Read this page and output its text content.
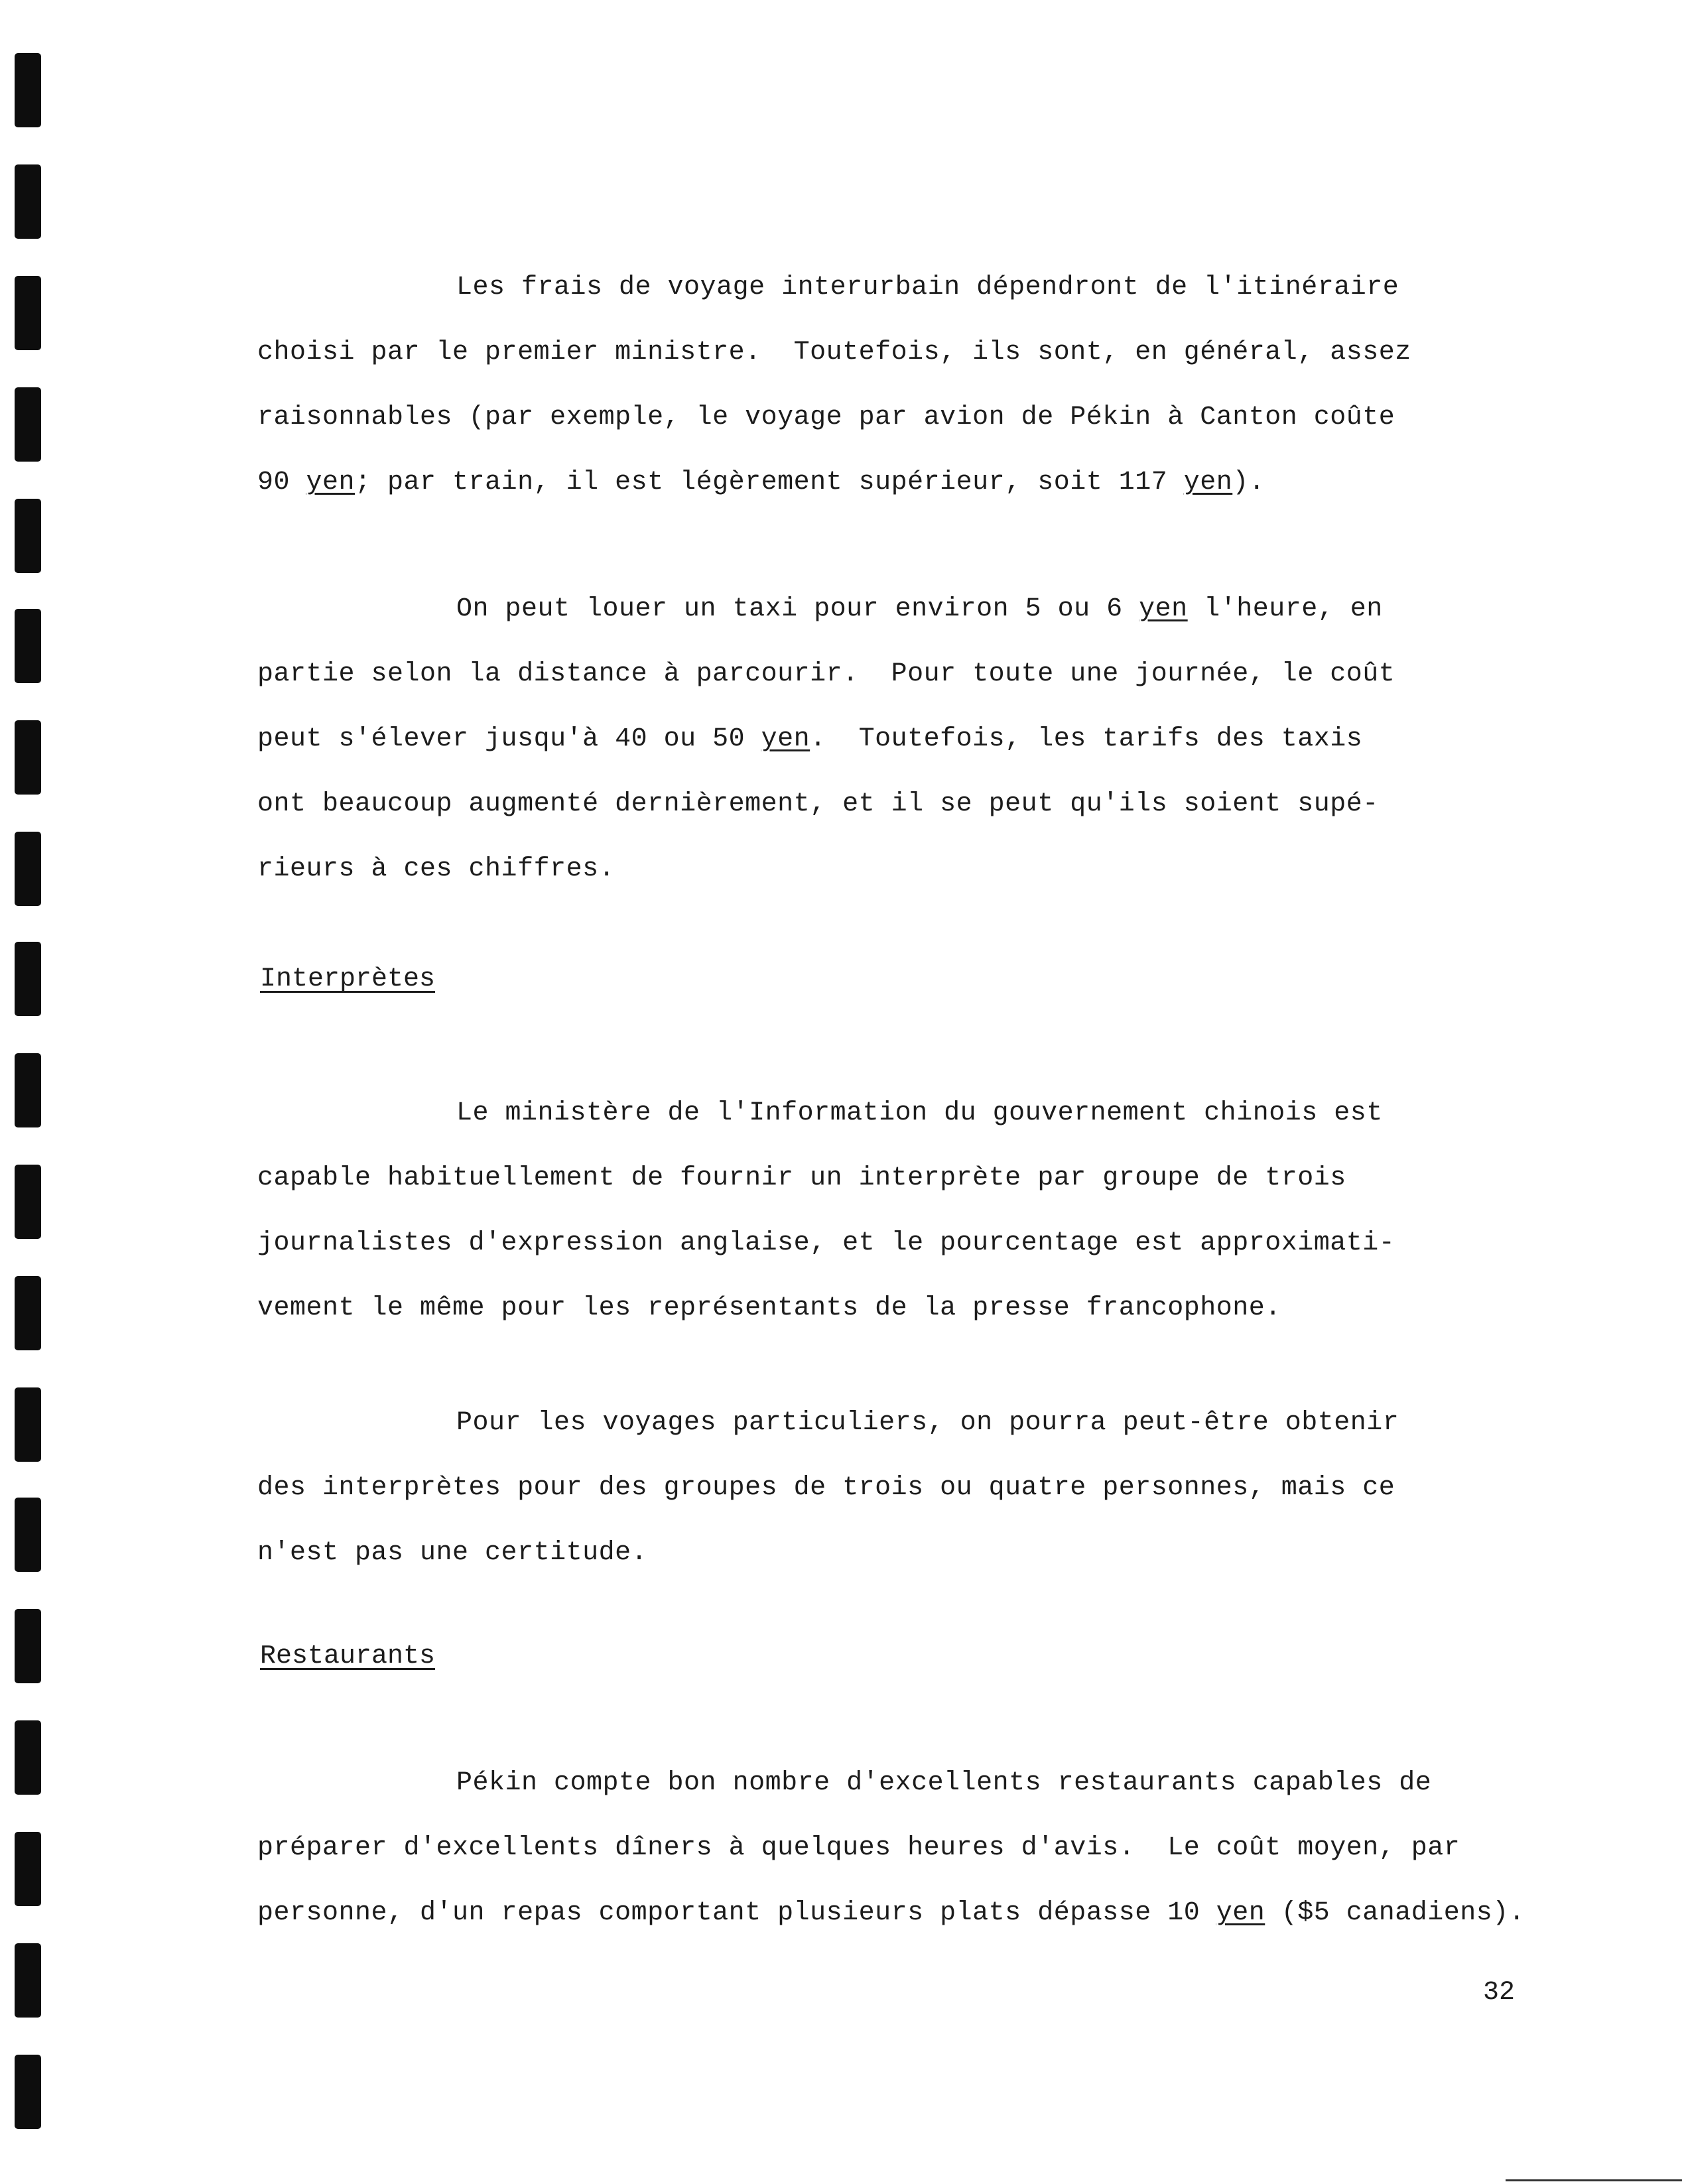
Les frais de voyage interurbain dépendront de l'itinéraire
choisi par le premier ministre.  Toutefois, ils sont, en général, assez
raisonnables (par exemple, le voyage par avion de Pékin à Canton coûte
90 yen; par train, il est légèrement supérieur, soit 117 yen).
On peut louer un taxi pour environ 5 ou 6 yen l'heure, en
partie selon la distance à parcourir.  Pour toute une journée, le coût
peut s'élever jusqu'à 40 ou 50 yen.  Toutefois, les tarifs des taxis
ont beaucoup augmenté dernièrement, et il se peut qu'ils soient supé-
rieurs à ces chiffres.
Interprètes
Le ministère de l'Information du gouvernement chinois est
capable habituellement de fournir un interprète par groupe de trois
journalistes d'expression anglaise, et le pourcentage est approximati-
vement le même pour les représentants de la presse francophone.
Pour les voyages particuliers, on pourra peut-être obtenir
des interprètes pour des groupes de trois ou quatre personnes, mais ce
n'est pas une certitude.
Restaurants
Pékin compte bon nombre d'excellents restaurants capables de
préparer d'excellents dîners à quelques heures d'avis.  Le coût moyen, par
personne, d'un repas comportant plusieurs plats dépasse 10 yen ($5 canadiens).
32
